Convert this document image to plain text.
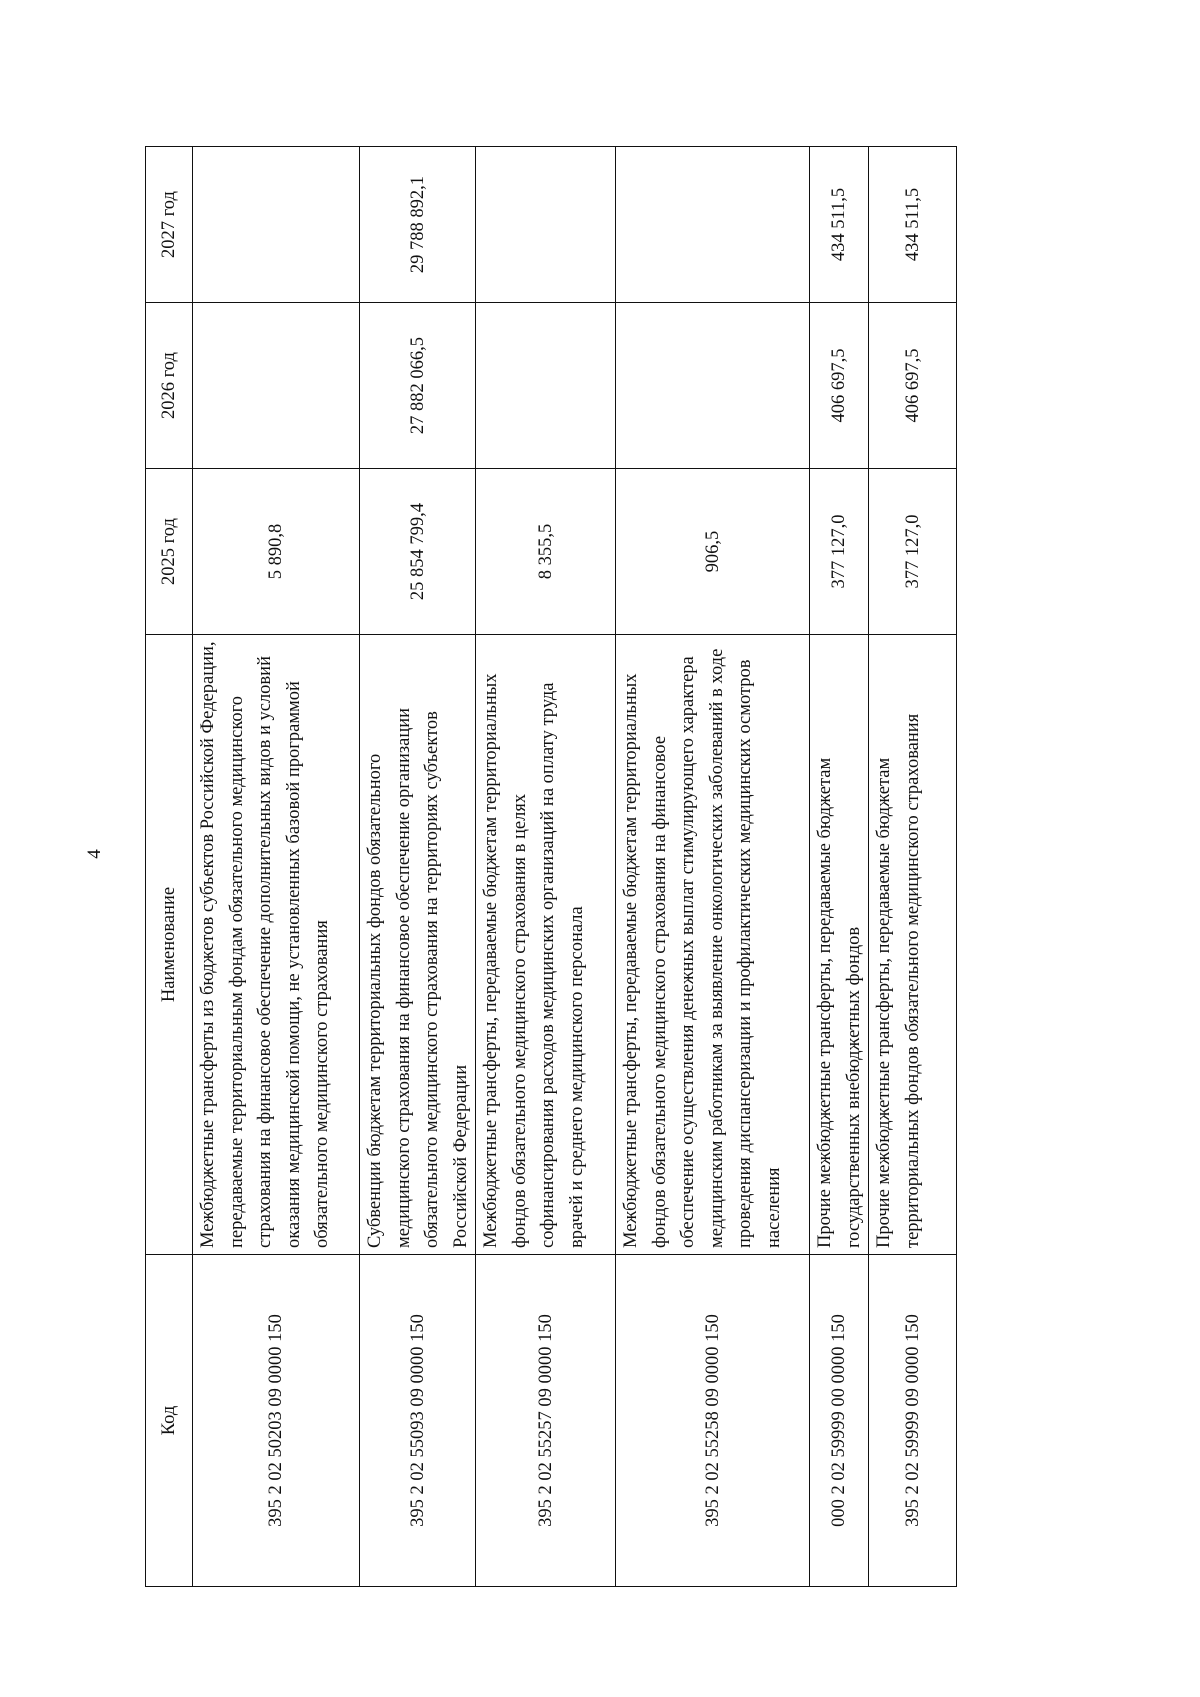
4
Код	Наименование	2025 год	2026 год	2027 год
395 2 02 50203 09 0000 150	Межбюджетные трансферты из бюджетов субъектов Российской Федерации, передаваемые территориальным фондам обязательного медицинского страхования на финансовое обеспечение дополнительных видов и условий оказания медицинской помощи, не установленных базовой программой обязательного медицинского страхования	5 890,8		
395 2 02 55093 09 0000 150	Субвенции бюджетам территориальных фондов обязательного медицинского страхования на финансовое обеспечение организации обязательного медицинского страхования на территориях субъектов Российской Федерации	25 854 799,4	27 882 066,5	29 788 892,1
395 2 02 55257 09 0000 150	Межбюджетные трансферты, передаваемые бюджетам территориальных фондов обязательного медицинского страхования в целях софинансирования расходов медицинских организаций на оплату труда врачей и среднего медицинского персонала	8 355,5		
395 2 02 55258 09 0000 150	Межбюджетные трансферты, передаваемые бюджетам территориальных фондов обязательного медицинского страхования на финансовое обеспечение осуществления денежных выплат стимулирующего характера медицинским работникам за выявление онкологических заболеваний в ходе проведения диспансеризации и профилактических медицинских осмотров населения	906,5		
000 2 02 59999 00 0000 150	Прочие межбюджетные трансферты, передаваемые бюджетам государственных внебюджетных фондов	377 127,0	406 697,5	434 511,5
395 2 02 59999 09 0000 150	Прочие межбюджетные трансферты, передаваемые бюджетам территориальных фондов обязательного медицинского страхования	377 127,0	406 697,5	434 511,5
